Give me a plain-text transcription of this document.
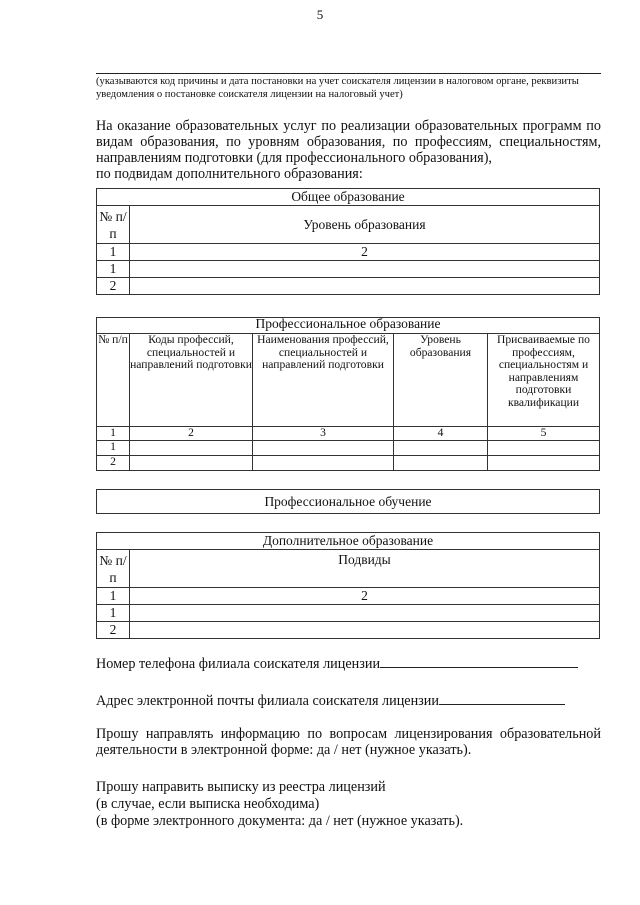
5
(указываются код причины и дата постановки на учет соискателя лицензии в налоговом органе, реквизиты уведомления о постановке соискателя лицензии на налоговый учет)
На оказание образовательных услуг по реализации образовательных программ по видам образования, по уровням образования, по профессиям, специальностям, направлениям подготовки (для профессионального образования),
по подвидам дополнительного образования:
Общее образование	
№ п/п	Уровень образования
1	2
1	
2	
Профессиональное образование				
№ п/п	Коды профессий, специальностей и направлений подготовки	Наименования профессий, специальностей и направлений подготовки	Уровень образования	Присваиваемые по профессиям, специальностям и направлениям подготовки квалификации
1	2	3	4	5
1				
2				
Профессиональное обучение
Дополнительное образование	
№ п/п	Подвиды
1	2
1	
2	
Номер телефона филиала соискателя лицензии
Адрес электронной почты филиала соискателя лицензии
Прошу направлять информацию по вопросам лицензирования образовательной деятельности в электронной форме: да / нет (нужное указать).
Прошу направить выписку из реестра лицензий
(в случае, если выписка необходима)
(в форме электронного документа: да / нет (нужное указать).
